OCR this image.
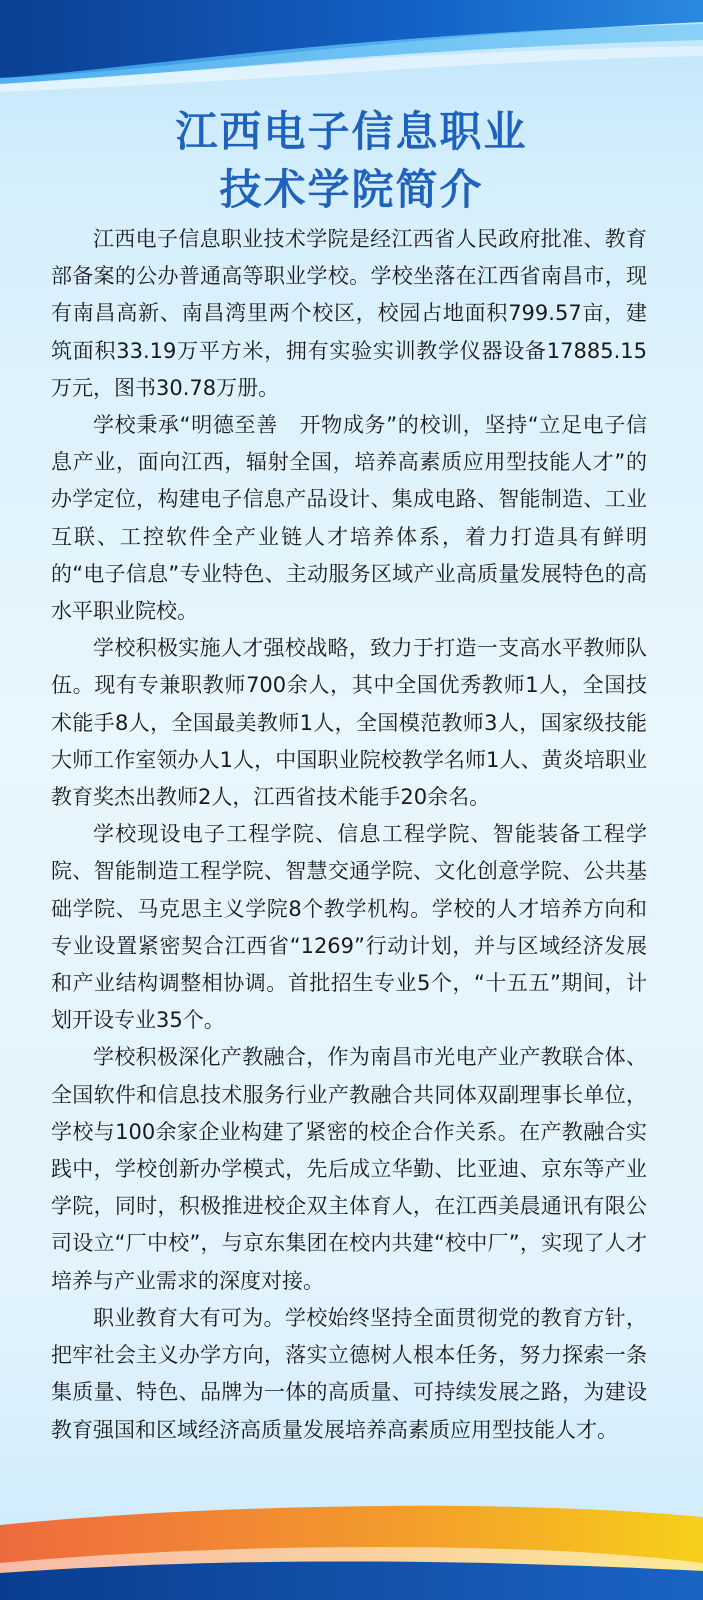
江西电子信息职业
技术学院简介

江西电子信息职业技术学院是经江西省人民政府批准、教育部备案的公办普通高等职业学校。学校坐落在江西省南昌市，现有南昌高新、南昌湾里两个校区，校园占地面积799.57亩，建筑面积33.19万平方米，拥有实验实训教学仪器设备17885.15万元，图书30.78万册。

学校秉承“明德至善　开物成务”的校训，坚持“立足电子信息产业，面向江西，辐射全国，培养高素质应用型技能人才”的办学定位，构建电子信息产品设计、集成电路、智能制造、工业互联、工控软件全产业链人才培养体系，着力打造具有鲜明的“电子信息”专业特色、主动服务区域产业高质量发展特色的高水平职业院校。

学校积极实施人才强校战略，致力于打造一支高水平教师队伍。现有专兼职教师700余人，其中全国优秀教师1人，全国技术能手8人，全国最美教师1人，全国模范教师3人，国家级技能大师工作室领办人1人，中国职业院校教学名师1人、黄炎培职业教育奖杰出教师2人，江西省技术能手20余名。

学校现设电子工程学院、信息工程学院、智能装备工程学院、智能制造工程学院、智慧交通学院、文化创意学院、公共基础学院、马克思主义学院8个教学机构。学校的人才培养方向和专业设置紧密契合江西省“1269”行动计划，并与区域经济发展和产业结构调整相协调。首批招生专业5个，“十五五”期间，计划开设专业35个。

学校积极深化产教融合，作为南昌市光电产业产教联合体、全国软件和信息技术服务行业产教融合共同体双副理事长单位，学校与100余家企业构建了紧密的校企合作关系。在产教融合实践中，学校创新办学模式，先后成立华勤、比亚迪、京东等产业学院，同时，积极推进校企双主体育人，在江西美晨通讯有限公司设立“厂中校”，与京东集团在校内共建“校中厂”，实现了人才培养与产业需求的深度对接。

职业教育大有可为。学校始终坚持全面贯彻党的教育方针，把牢社会主义办学方向，落实立德树人根本任务，努力探索一条集质量、特色、品牌为一体的高质量、可持续发展之路，为建设教育强国和区域经济高质量发展培养高素质应用型技能人才。
